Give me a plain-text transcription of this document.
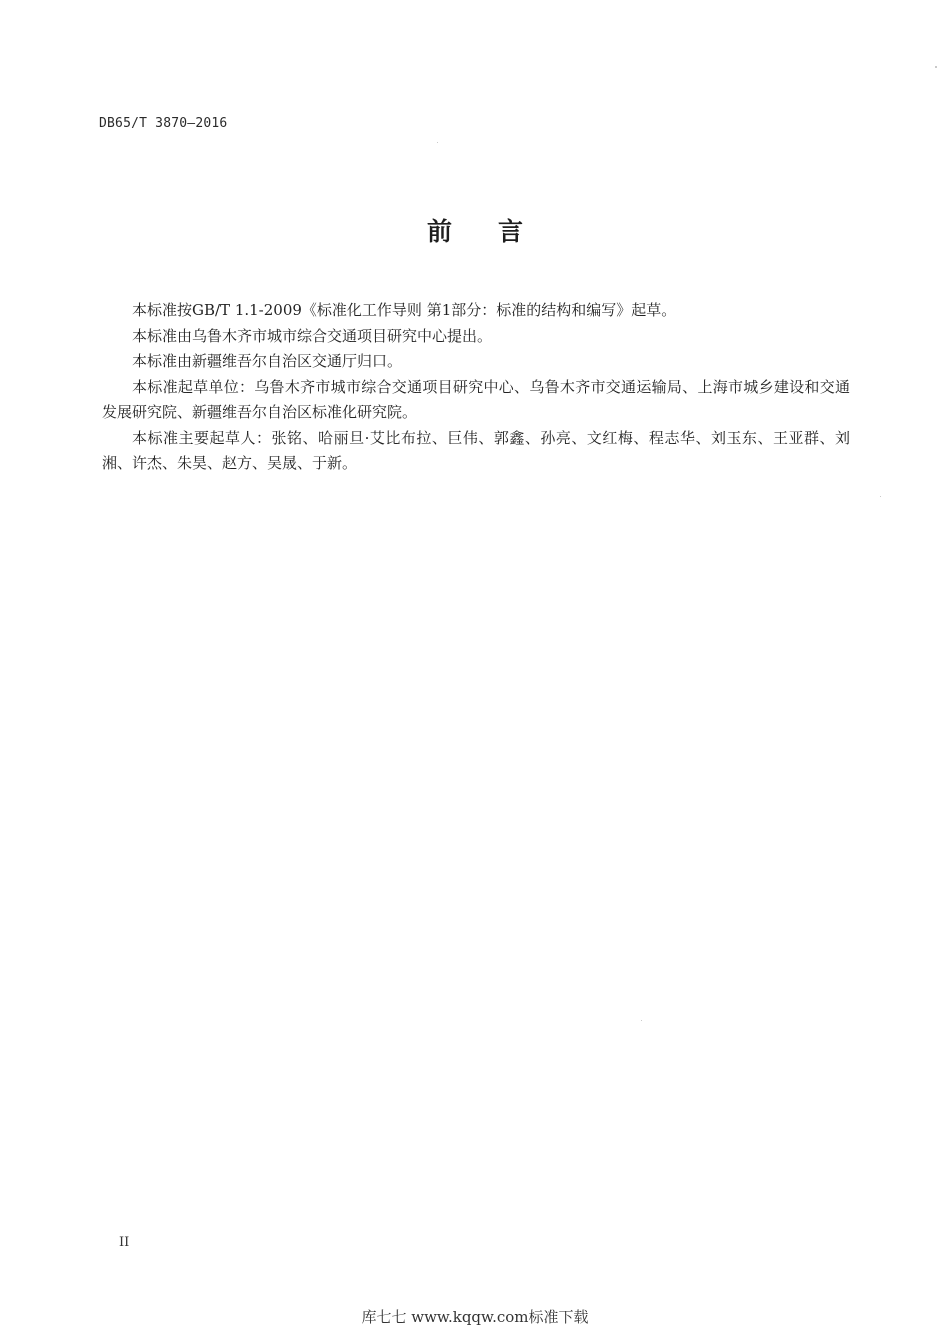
DB65/T 3870—2016
前言

本标准按GB/T 1.1-2009《标准化工作导则 第1部分：标准的结构和编写》起草。

本标准由乌鲁木齐市城市综合交通项目研究中心提出。

本标准由新疆维吾尔自治区交通厅归口。

本标准起草单位：乌鲁木齐市城市综合交通项目研究中心、乌鲁木齐市交通运输局、上海市城乡建设和交通发展研究院、新疆维吾尔自治区标准化研究院。

本标准主要起草人：张铭、哈丽旦·艾比布拉、巨伟、郭鑫、孙亮、文红梅、程志华、刘玉东、王亚群、刘湘、许杰、朱昊、赵方、吴晟、于新。

II
库七七 www.kqqw.com标准下载
